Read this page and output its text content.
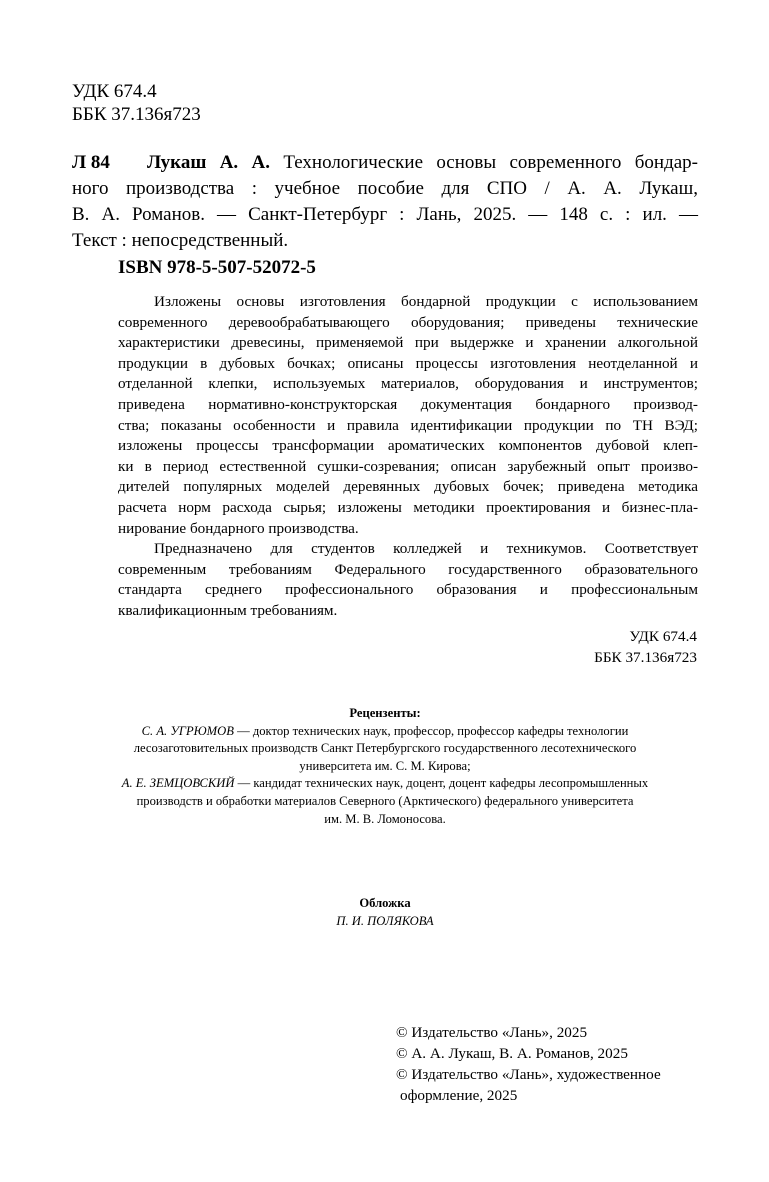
УДК 674.4
ББК 37.136я723
Л 84	Лукаш А. А. Технологические основы современного бондар-
ного производства : учебное пособие для СПО / А. А. Лукаш,
В. А. Романов. — Санкт-Петербург : Лань, 2025. — 148 с. : ил. —
Текст : непосредственный.
ISBN 978-5-507-52072-5
Изложены основы изготовления бондарной продукции с использованием
современного деревообрабатывающего оборудования; приведены технические
характеристики древесины, применяемой при выдержке и хранении алкогольной
продукции в дубовых бочках; описаны процессы изготовления неотделанной и
отделанной клепки, используемых материалов, оборудования и инструментов;
приведена нормативно-конструкторская документация бондарного производ-
ства; показаны особенности и правила идентификации продукции по ТН ВЭД;
изложены процессы трансформации ароматических компонентов дубовой клеп-
ки в период естественной сушки-созревания; описан зарубежный опыт произво-
дителей популярных моделей деревянных дубовых бочек; приведена методика
расчета норм расхода сырья; изложены методики проектирования и бизнес-пла-
нирование бондарного производства.
Предназначено для студентов колледжей и техникумов. Соответствует
современным требованиям Федерального государственного образовательного
стандарта среднего профессионального образования и профессиональным
квалификационным требованиям.
УДК 674.4
ББК 37.136я723
Рецензенты:
С. А. УГРЮМОВ — доктор технических наук, профессор, профессор кафедры технологии
лесозаготовительных производств Санкт Петербургского государственного лесотехнического
университета им. С. М. Кирова;
А. Е. ЗЕМЦОВСКИЙ — кандидат технических наук, доцент, доцент кафедры лесопромышленных
производств и обработки материалов Северного (Арктического) федерального университета
им. М. В. Ломоносова.
Обложка
П. И. ПОЛЯКОВА
© Издательство «Лань», 2025
© А. А. Лукаш, В. А. Романов, 2025
© Издательство «Лань», художественное
оформление, 2025
